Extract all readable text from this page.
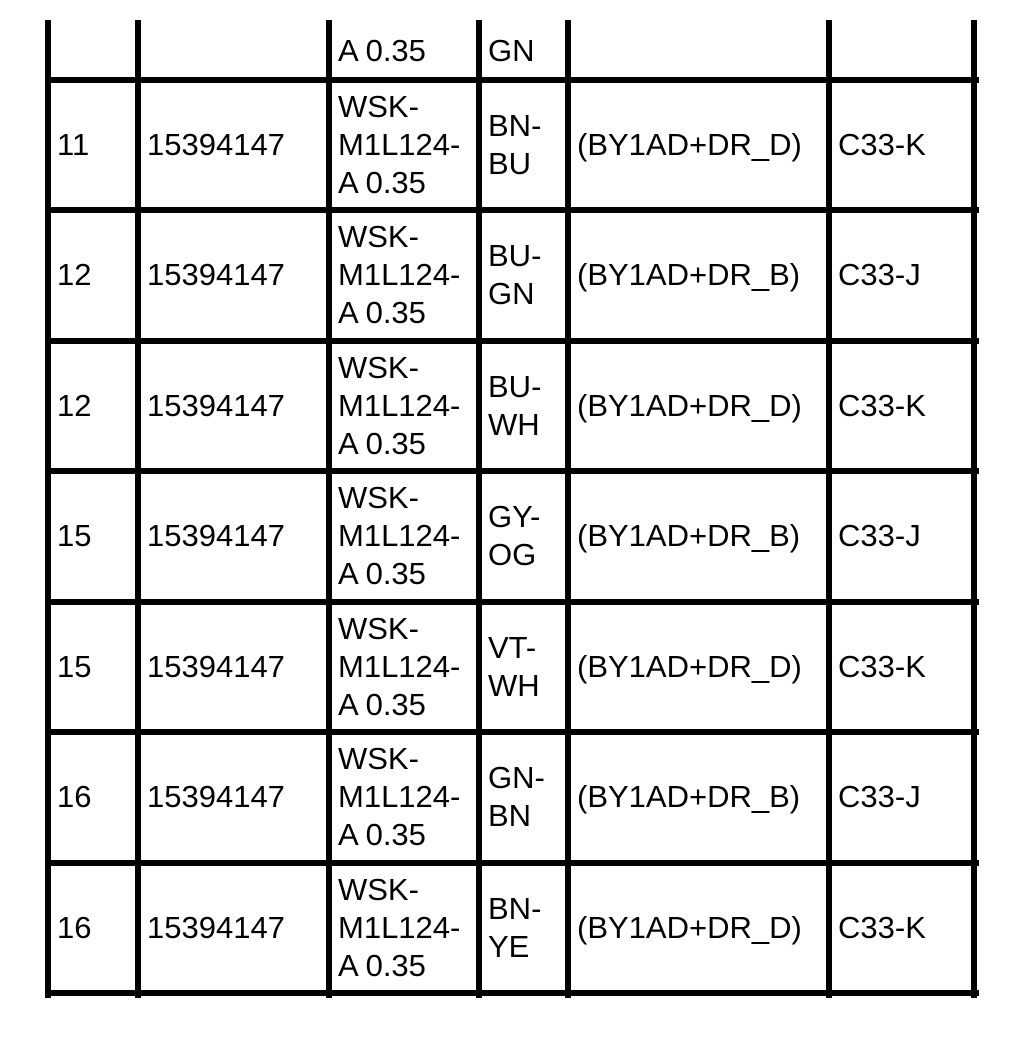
A 0.35 GN
11 15394147
WSK-
M1L124-
A 0.35
BN-
BU
(BY1AD+DR_D) C33-K
12 15394147
WSK-
M1L124-
A 0.35
BU-
GN
(BY1AD+DR_B) C33-J
12 15394147
WSK-
M1L124-
A 0.35
BU-
WH
(BY1AD+DR_D) C33-K
15 15394147
WSK-
M1L124-
A 0.35
GY-
OG
(BY1AD+DR_B) C33-J
15 15394147
WSK-
M1L124-
A 0.35
VT-
WH
(BY1AD+DR_D) C33-K
16 15394147
WSK-
M1L124-
A 0.35
GN-
BN
(BY1AD+DR_B) C33-J
16 15394147
WSK-
M1L124-
A 0.35
BN-
YE
(BY1AD+DR_D) C33-K
